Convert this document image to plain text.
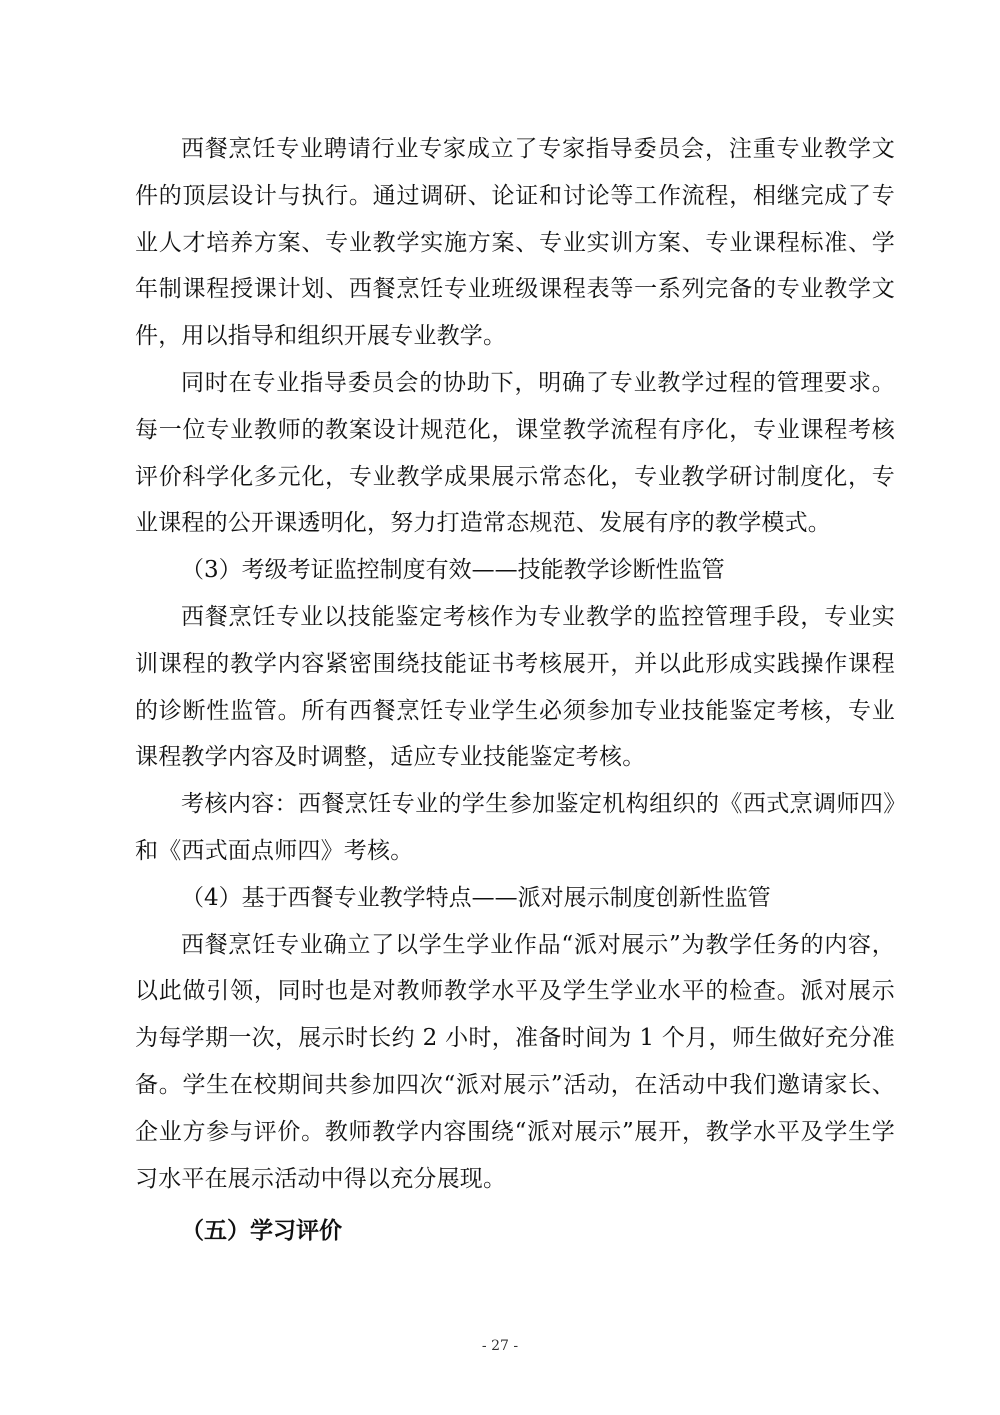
西餐烹饪专业聘请行业专家成立了专家指导委员会，注重专业教学文件的顶层设计与执行。通过调研、论证和讨论等工作流程，相继完成了专业人才培养方案、专业教学实施方案、专业实训方案、专业课程标准、学年制课程授课计划、西餐烹饪专业班级课程表等一系列完备的专业教学文件，用以指导和组织开展专业教学。

同时在专业指导委员会的协助下，明确了专业教学过程的管理要求。每一位专业教师的教案设计规范化，课堂教学流程有序化，专业课程考核评价科学化多元化，专业教学成果展示常态化，专业教学研讨制度化，专业课程的公开课透明化，努力打造常态规范、发展有序的教学模式。

（3）考级考证监控制度有效——技能教学诊断性监管

西餐烹饪专业以技能鉴定考核作为专业教学的监控管理手段，专业实训课程的教学内容紧密围绕技能证书考核展开，并以此形成实践操作课程的诊断性监管。所有西餐烹饪专业学生必须参加专业技能鉴定考核，专业课程教学内容及时调整，适应专业技能鉴定考核。

考核内容：西餐烹饪专业的学生参加鉴定机构组织的《西式烹调师四》和《西式面点师四》考核。

（4）基于西餐专业教学特点——派对展示制度创新性监管

西餐烹饪专业确立了以学生学业作品“派对展示”为教学任务的内容，以此做引领，同时也是对教师教学水平及学生学业水平的检查。派对展示为每学期一次，展示时长约 2 小时，准备时间为 1 个月，师生做好充分准备。学生在校期间共参加四次“派对展示”活动，在活动中我们邀请家长、企业方参与评价。教师教学内容围绕“派对展示”展开，教学水平及学生学习水平在展示活动中得以充分展现。

（五）学习评价

- 27 -
